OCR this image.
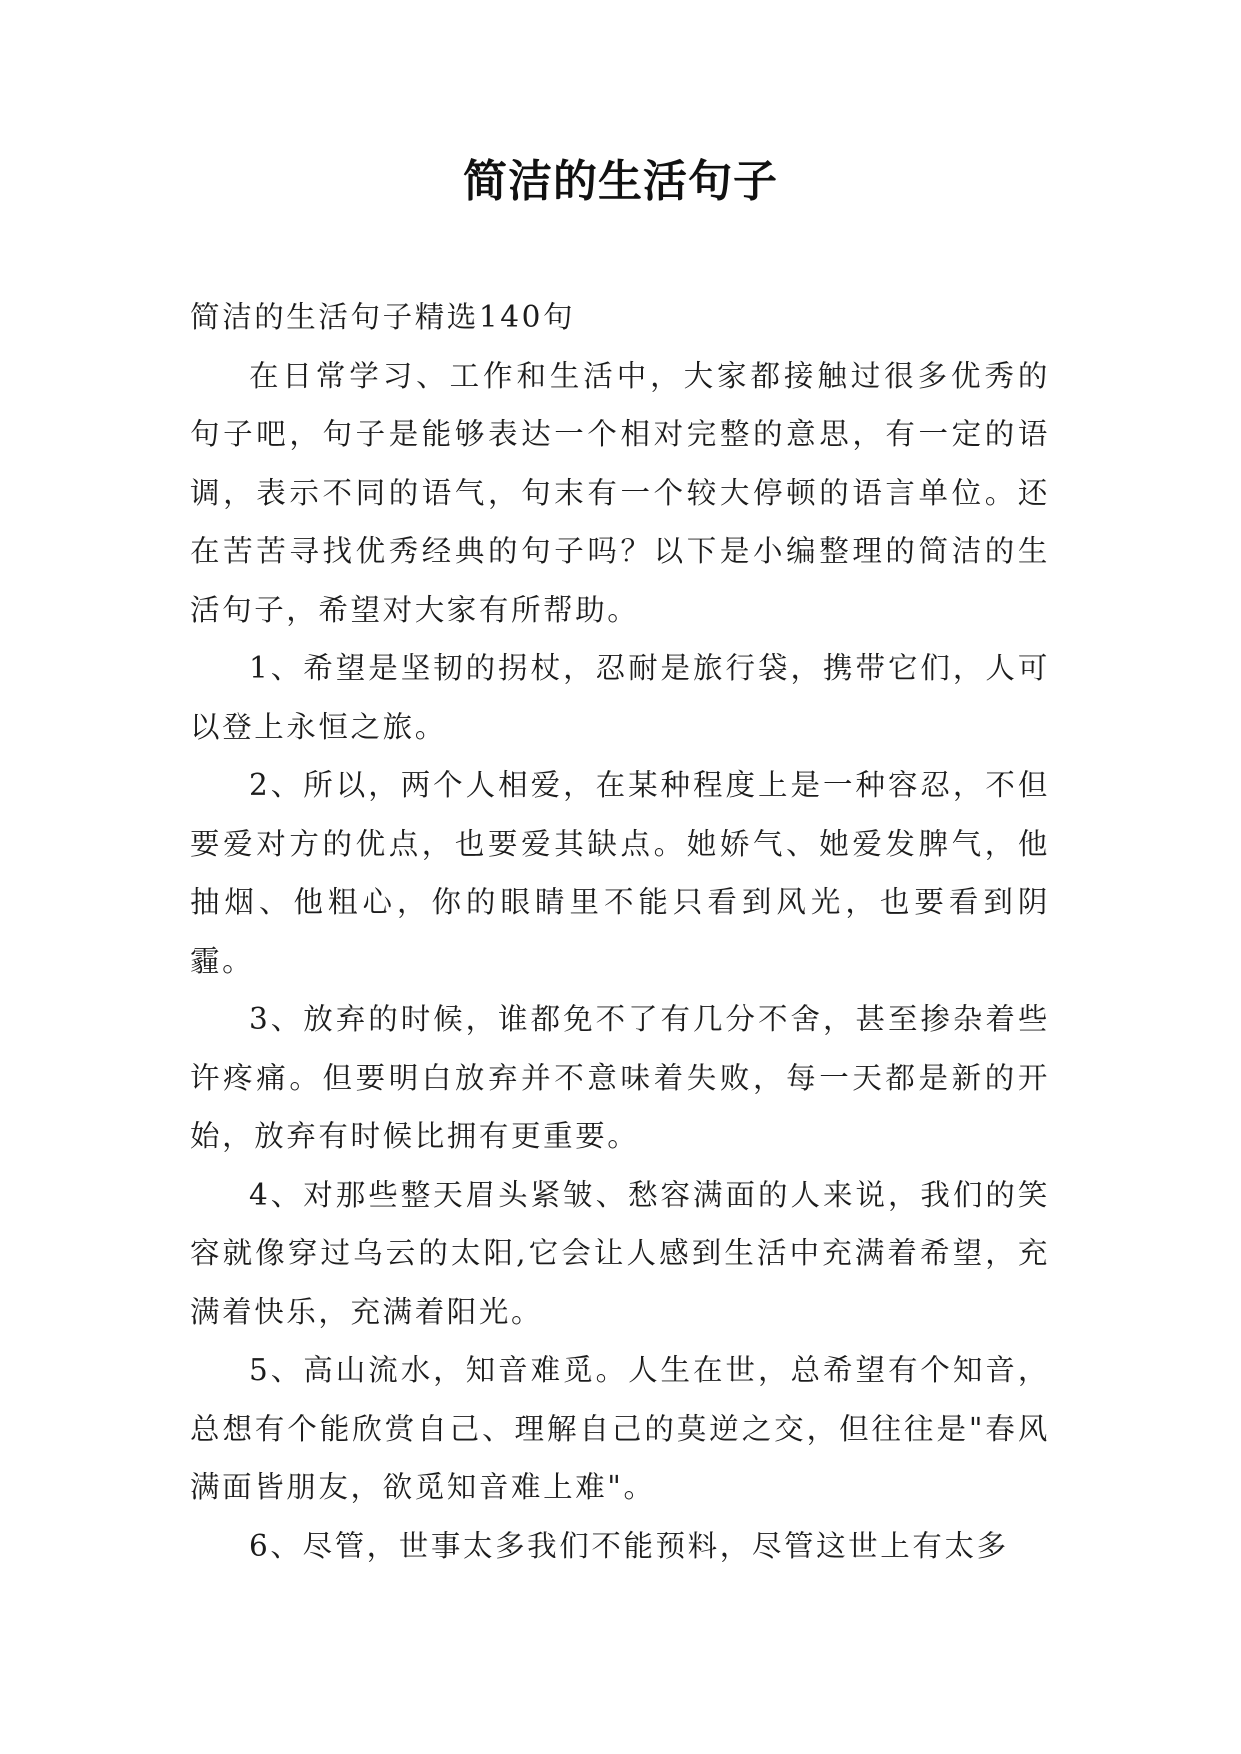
简洁的生活句子

简洁的生活句子精选140句

在日常学习、工作和生活中，大家都接触过很多优秀的句子吧，句子是能够表达一个相对完整的意思，有一定的语调，表示不同的语气，句末有一个较大停顿的语言单位。还在苦苦寻找优秀经典的句子吗？以下是小编整理的简洁的生活句子，希望对大家有所帮助。

1、希望是坚韧的拐杖，忍耐是旅行袋，携带它们，人可以登上永恒之旅。

2、所以，两个人相爱，在某种程度上是一种容忍，不但要爱对方的优点，也要爱其缺点。她娇气、她爱发脾气，他抽烟、他粗心，你的眼睛里不能只看到风光，也要看到阴霾。

3、放弃的时候，谁都免不了有几分不舍，甚至掺杂着些许疼痛。但要明白放弃并不意味着失败，每一天都是新的开始，放弃有时候比拥有更重要。

4、对那些整天眉头紧皱、愁容满面的人来说，我们的笑容就像穿过乌云的太阳,它会让人感到生活中充满着希望，充满着快乐，充满着阳光。

5、高山流水，知音难觅。人生在世，总希望有个知音，总想有个能欣赏自己、理解自己的莫逆之交，但往往是"春风满面皆朋友，欲觅知音难上难"。

6、尽管，世事太多我们不能预料，尽管这世上有太多
